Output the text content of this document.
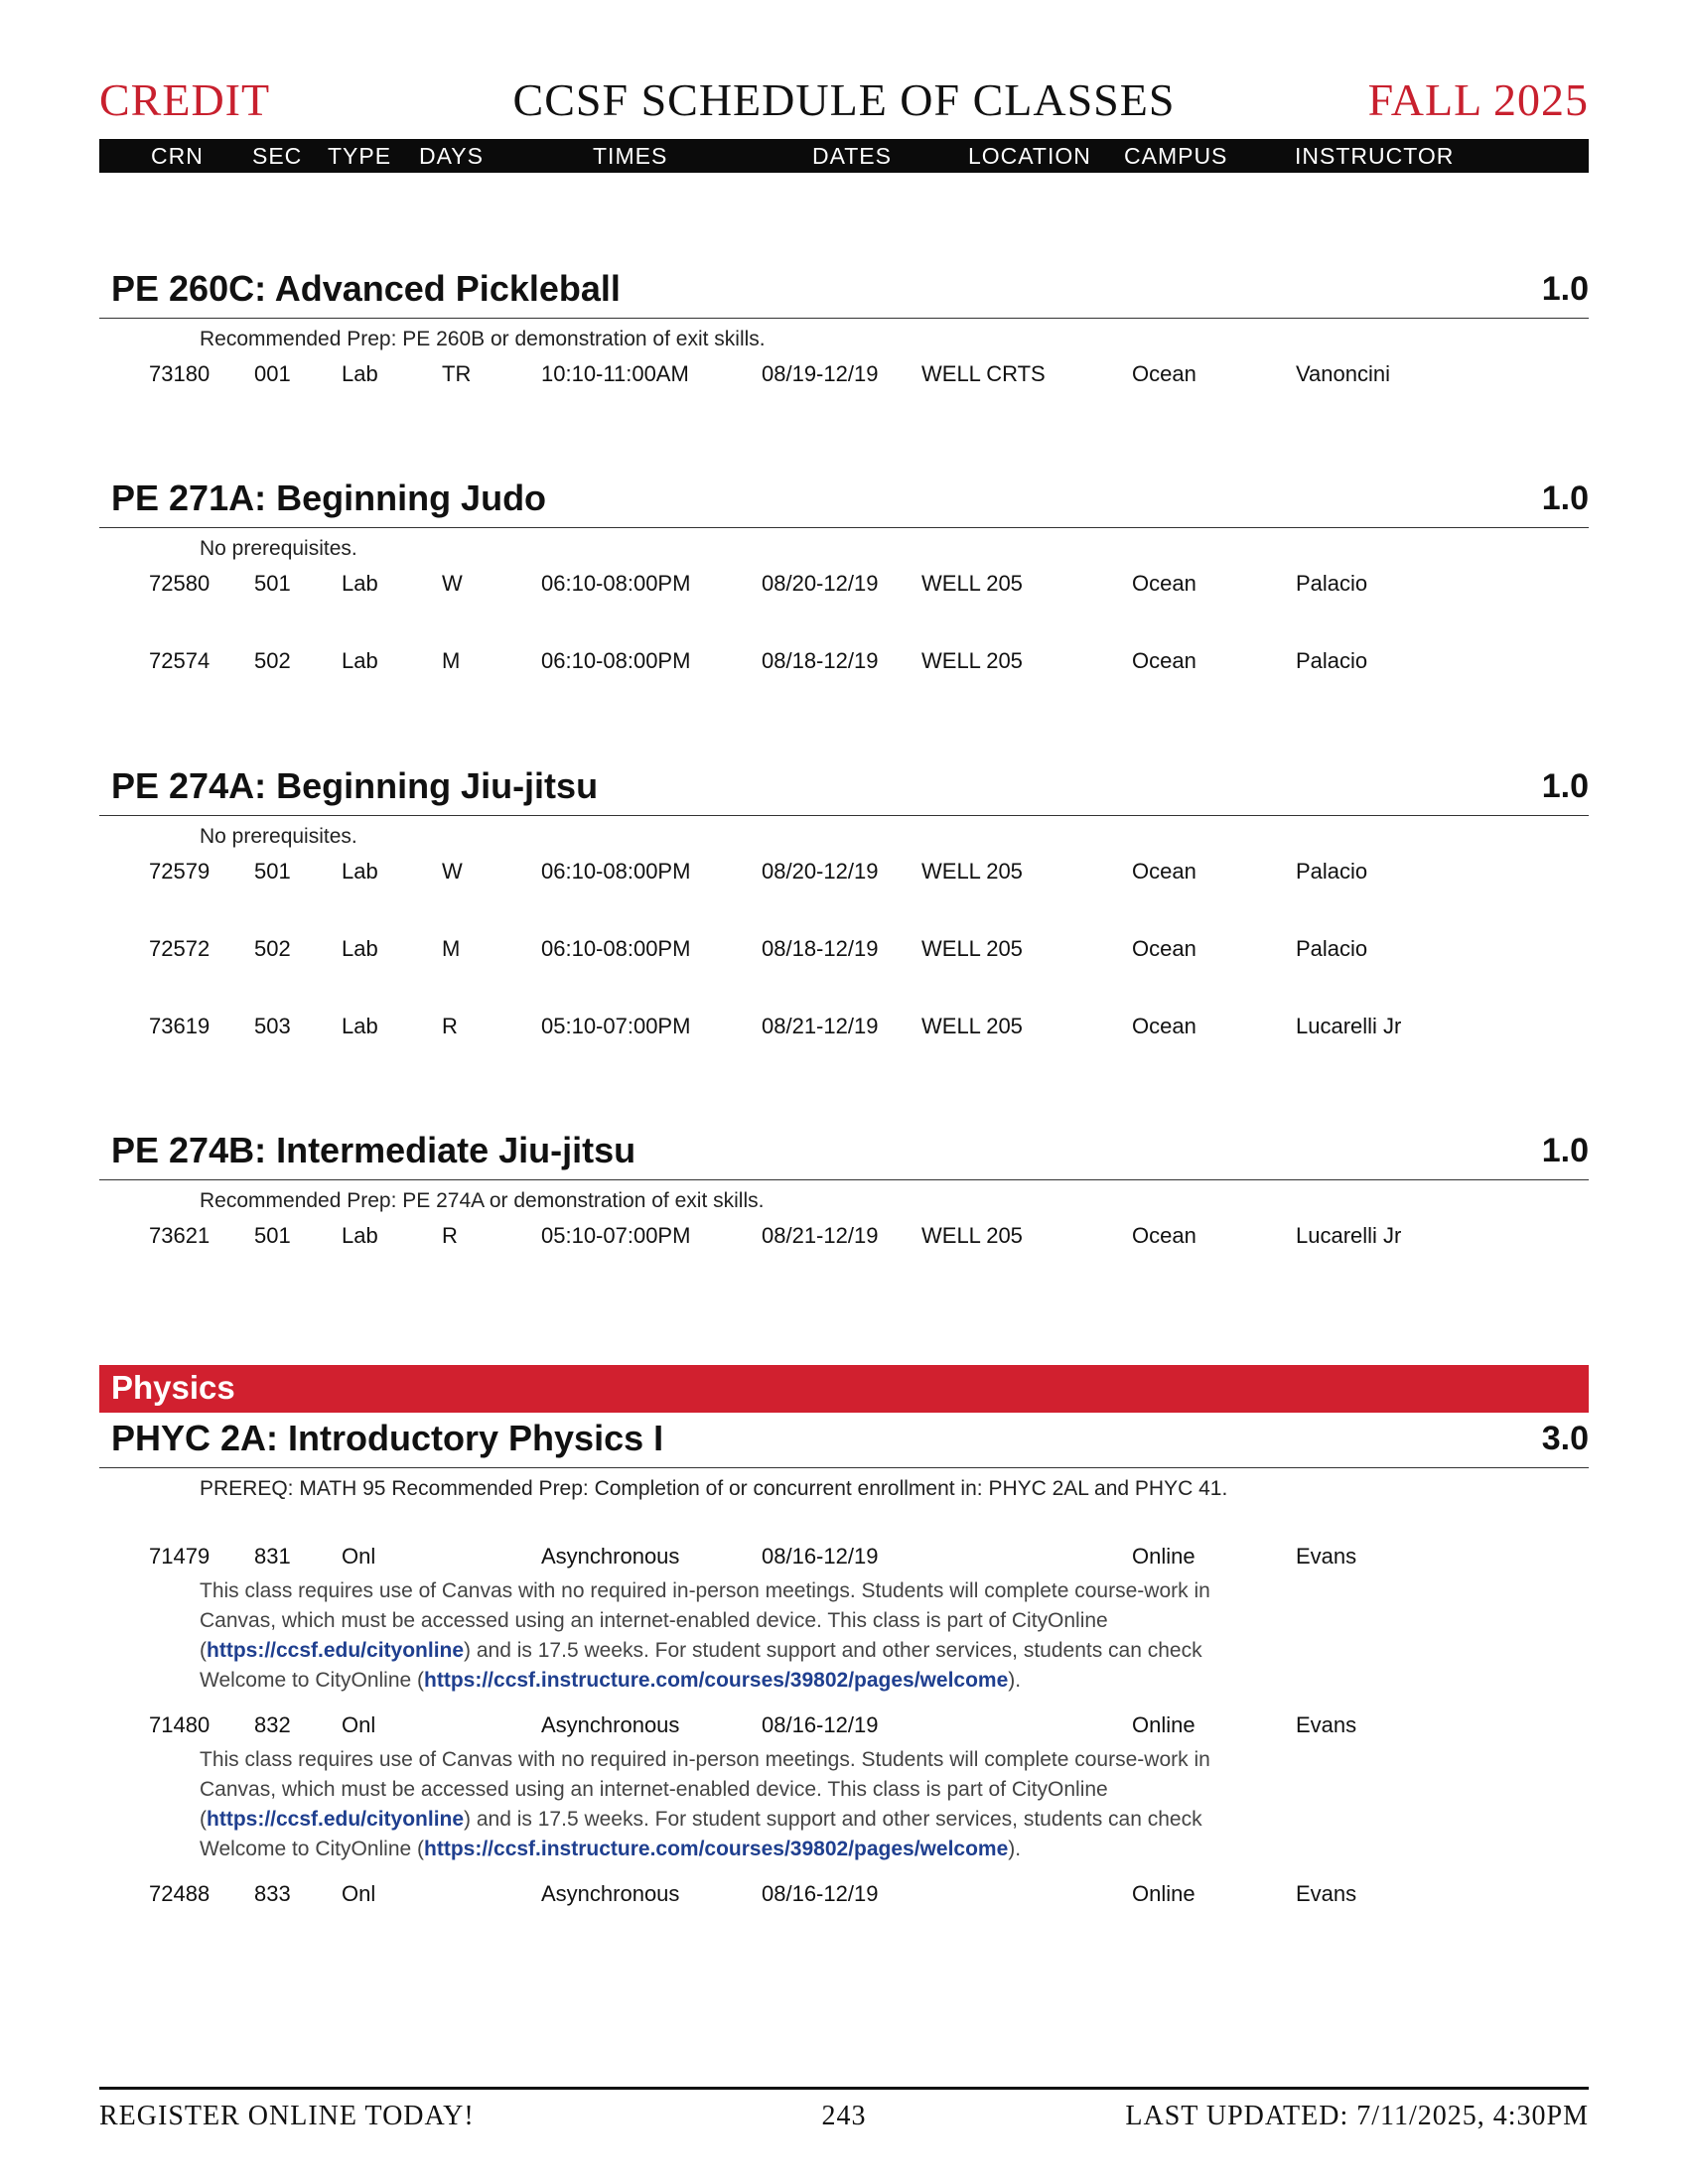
CCSF SCHEDULE OF CLASSES
CREDIT	FALL 2025
CRN SEC TYPE DAYS	TIMES	DATES	LOCATION CAMPUS	INSTRUCTOR
PE 260C: Advanced Pickleball	1.0
Recommended Prep: PE 260B or demonstration of exit skills.
73180 001 Lab	TR	10:10-11:00AM	08/19-12/19 WELL CRTS	Ocean	Vanoncini
PE 271A: Beginning Judo	1.0
No prerequisites.
72580 501 Lab	W	06:10-08:00PM	08/20-12/19 WELL 205	Ocean	Palacio
72574 502 Lab	M	06:10-08:00PM	08/18-12/19 WELL 205	Ocean	Palacio
PE 274A: Beginning Jiu-jitsu	1.0
No prerequisites.
72579 501 Lab	W	06:10-08:00PM	08/20-12/19 WELL 205	Ocean	Palacio
72572 502 Lab	M	06:10-08:00PM	08/18-12/19 WELL 205	Ocean	Palacio
73619 503 Lab	R	05:10-07:00PM	08/21-12/19 WELL 205	Ocean	Lucarelli Jr
PE 274B: Intermediate Jiu-jitsu	1.0
Recommended Prep: PE 274A or demonstration of exit skills.
73621 501 Lab	R	05:10-07:00PM	08/21-12/19 WELL 205	Ocean	Lucarelli Jr
Physics
PHYC 2A: Introductory Physics I	3.0
PREREQ: MATH 95 Recommended Prep: Completion of or concurrent enrollment in: PHYC 2AL and PHYC 41.
71479 831 Onl	Asynchronous	08/16-12/19	Online	Evans
This class requires use of Canvas with no required in-person meetings. Students will complete course-work in Canvas, which must be accessed using an internet-enabled device. This class is part of CityOnline (https://ccsf.edu/cityonline) and is 17.5 weeks. For student support and other services, students can check Welcome to CityOnline (https://ccsf.instructure.com/courses/39802/pages/welcome).
71480 832 Onl	Asynchronous	08/16-12/19	Online	Evans
This class requires use of Canvas with no required in-person meetings. Students will complete course-work in Canvas, which must be accessed using an internet-enabled device. This class is part of CityOnline (https://ccsf.edu/cityonline) and is 17.5 weeks. For student support and other services, students can check Welcome to CityOnline (https://ccsf.instructure.com/courses/39802/pages/welcome).
72488 833 Onl	Asynchronous	08/16-12/19	Online	Evans
REGISTER ONLINE TODAY!	243	LAST UPDATED: 7/11/2025, 4:30PM
